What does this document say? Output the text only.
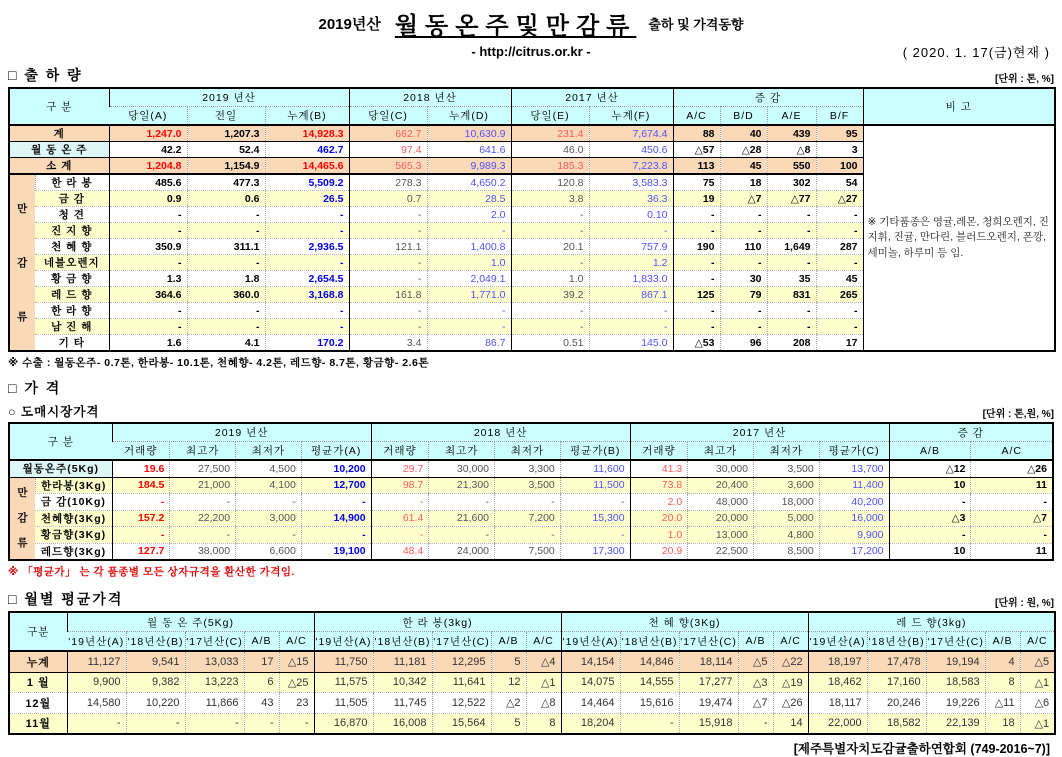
2019년산 월동온주및만감류 출하 및 가격동향
- http://citrus.or.kr -	( 2020. 1. 17(금)현재 )
□ 출 하 량	[단위 : 톤, %]
구 분		2019 년산			2018 년산		2017 년산		증 감				비 고
		당일(A)	전일	누계(B)	당일(C)	누계(D)	당일(E)	누계(F)	A/C	B/D	A/E	B/F	
계		1,247.0	1,207.3	14,928.3	662.7	10,630.9	231.4	7,674.4	88	40	439	95	※ 기타품종은 영귤,레몬, 청희오렌지, 진지휘, 진귤, 만다린, 블러드오렌지, 폰깡,세미놀, 하루미 등 임.
월 동 온 주		42.2	52.4	462.7	97.4	641.6	46.0	450.6	△57	△28	△8	3	
소 계		1,204.8	1,154.9	14,465.6	565.3	9,989.3	185.3	7,223.8	113	45	550	100	
만
감
류	한 라 봉	485.6	477.3	5,509.2	278.3	4,650.2	120.8	3,583.3	75	18	302	54	
	금 감	0.9	0.6	26.5	0.7	28.5	3.8	36.3	19	△7	△77	△27	
	청 견	-	-	-	-	2.0	-	0.10	-	-	-	-	
	진 지 향	-	-	-	-	-	-	-	-	-	-	-	
	천 혜 향	350.9	311.1	2,936.5	121.1	1,400.8	20.1	757.9	190	110	1,649	287	
	네블오렌지	-	-	-	-	1.0	-	1.2	-	-	-	-	
	황 금 향	1.3	1.8	2,654.5	-	2,049.1	1.0	1,833.0	-	30	35	45	
	레 드 향	364.6	360.0	3,168.8	161.8	1,771.0	39.2	867.1	125	79	831	265	
	한 라 향	-	-	-	-	-	-	-	-	-	-	-	
	남 진 해	-	-	-	-	-	-	-	-	-	-	-	
	기 타	1.6	4.1	170.2	3.4	86.7	0.51	145.0	△53	96	208	17	
※ 수출 : 월동온주- 0.7톤, 한라봉- 10.1톤, 천혜향- 4.2톤, 레드향- 8.7톤, 황금향- 2.6톤
□ 가 격
○ 도매시장가격	[단위 : 톤,원, %]
구 분		2019 년산				2018 년산				2017 년산				증 감	
		거래량	최고가	최저가	평균가(A)	거래량	최고가	최저가	평균가(B)	거래량	최고가	최저가	평균가(C)	A/B	A/C
월동온주(5Kg)		19.6	27,500	4,500	10,200	29.7	30,000	3,300	11,600	41.3	30,000	3,500	13,700	△12	△26
만
감
류	한라봉(3Kg)	184.5	21,000	4,100	12,700	98.7	21,300	3,500	11,500	73.8	20,400	3,600	11,400	10	11
	금 감(10Kg)	-	-	-	-	-	-	-	-	2.0	48,000	18,000	40,200	-	-
	천혜향(3Kg)	157.2	22,200	3,000	14,900	61.4	21,600	7,200	15,300	20.0	20,000	5,000	16,000	△3	△7
	황금향(3Kg)	-	-	-	-	-	-	-	-	1.0	13,000	4,800	9,900	-	-
	레드향(3Kg)	127.7	38,000	6,600	19,100	48.4	24,000	7,500	17,300	20.9	22,500	8,500	17,200	10	11
※ 「평균가」 는 각 품종별 모든 상자규격을 환산한 가격임.
□ 월별 평균가격	[단위 : 원, %]
구분	월 동 온 주(5Kg)					한 라 봉(3kg)					천 혜 향(3Kg)					레 드 향(3kg)				
	'19년산(A)	'18년산(B)	'17년산(C)	A/B	A/C	'19년산(A)	'18년산(B)	'17년산(C)	A/B	A/C	'19년산(A)	'18년산(B)	'17년산(C)	A/B	A/C	'19년산(A)	'18년산(B)	'17년산(C)	A/B	A/C
누계	11,127	9,541	13,033	17	△15	11,750	11,181	12,295	5	△4	14,154	14,846	18,114	△5	△22	18,197	17,478	19,194	4	△5
1 월	9,900	9,382	13,223	6	△25	11,575	10,342	11,641	12	△1	14,075	14,555	17,277	△3	△19	18,462	17,160	18,583	8	△1
12월	14,580	10,220	11,866	43	23	11,505	11,745	12,522	△2	△8	14,464	15,616	19,474	△7	△26	18,117	20,246	19,226	△11	△6
11월	-	-	-	-	-	16,870	16,008	15,564	5	8	18,204	-	15,918	-	14	22,000	18,582	22,139	18	△1
[제주특별자치도감귤출하연합회 (749-2016~7)]
